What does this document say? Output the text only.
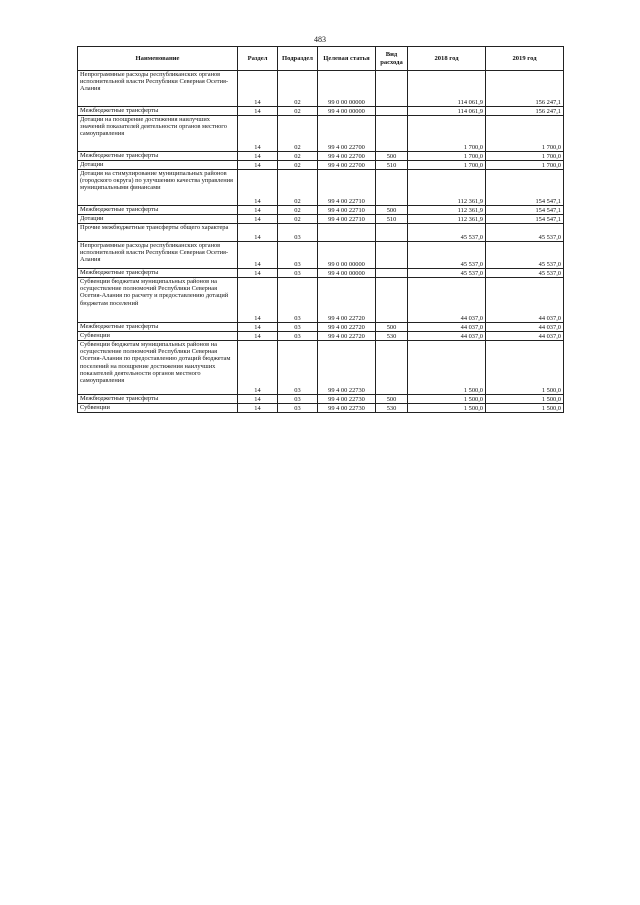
483
Наименование	Раздел	Подраздел	Целевая статья	Вид расхода	2018 год	2019 год
Непрограммные расходы республиканских органов исполнительной власти Республики Северная Осетия-Алания	14	02	99 0 00 00000		114 061,9	156 247,1
Межбюджетные трансферты	14	02	99 4 00 00000		114 061,9	156 247,1
Дотации на поощрение достижения наилучших значений показателей деятельности органов местного самоуправления	14	02	99 4 00 22700		1 700,0	1 700,0
Межбюджетные трансферты	14	02	99 4 00 22700	500	1 700,0	1 700,0
Дотации	14	02	99 4 00 22700	510	1 700,0	1 700,0
Дотация на стимулирование муниципальных районов (городского округа) по улучшению качества управления муниципальными финансами	14	02	99 4 00 22710		112 361,9	154 547,1
Межбюджетные трансферты	14	02	99 4 00 22710	500	112 361,9	154 547,1
Дотации	14	02	99 4 00 22710	510	112 361,9	154 547,1
Прочие межбюджетные трансферты общего характера	14	03			45 537,0	45 537,0
Непрограммные расходы республиканских органов исполнительной власти Республики Северная Осетия-Алания	14	03	99 0 00 00000		45 537,0	45 537,0
Межбюджетные трансферты	14	03	99 4 00 00000		45 537,0	45 537,0
Субвенции бюджетам муниципальных районов на осуществление полномочий Республики Северная Осетия-Алания по расчету и предоставлению дотаций бюджетам поселений	14	03	99 4 00 22720		44 037,0	44 037,0
Межбюджетные трансферты	14	03	99 4 00 22720	500	44 037,0	44 037,0
Субвенции	14	03	99 4 00 22720	530	44 037,0	44 037,0
Субвенции бюджетам муниципальных районов на осуществление полномочий Республики Северная Осетия-Алания по предоставлению дотаций бюджетам поселений на поощрение достижения наилучших показателей деятельности органов местного самоуправления	14	03	99 4 00 22730		1 500,0	1 500,0
Межбюджетные трансферты	14	03	99 4 00 22730	500	1 500,0	1 500,0
Субвенции	14	03	99 4 00 22730	530	1 500,0	1 500,0
